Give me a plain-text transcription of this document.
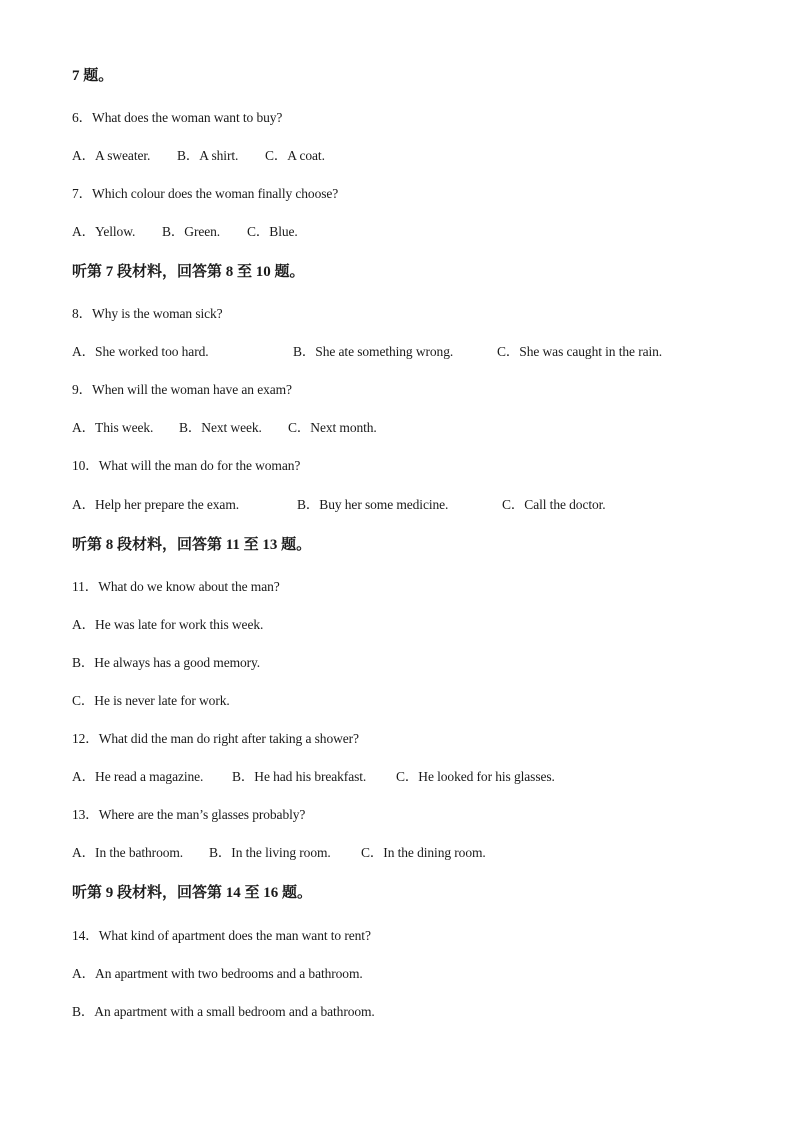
7 题。
6．What does the woman want to buy?
A．A sweater. B．A shirt. C．A coat.
7．Which colour does the woman finally choose?
A．Yellow. B．Green. C．Blue.
听第 7 段材料，回答第 8 至 10 题。
8．Why is the woman sick?
A．She worked too hard.	B．She ate something wrong.	C．She was caught in the rain.
9．When will the woman have an exam?
A．This week. B．Next week. C．Next month.
10．What will the man do for the woman?
A．Help her prepare the exam.	B．Buy her some medicine.	C．Call the doctor.
听第 8 段材料，回答第 11 至 13 题。
11．What do we know about the man?
A．He was late for work this week.
B．He always has a good memory.
C．He is never late for work.
12．What did the man do right after taking a shower?
A．He read a magazine. B．He had his breakfast. C．He looked for his glasses.
13．Where are the man’s glasses probably?
A．In the bathroom. B．In the living room. C．In the dining room.
听第 9 段材料，回答第 14 至 16 题。
14．What kind of apartment does the man want to rent?
A．An apartment with two bedrooms and a bathroom.
B．An apartment with a small bedroom and a bathroom.
